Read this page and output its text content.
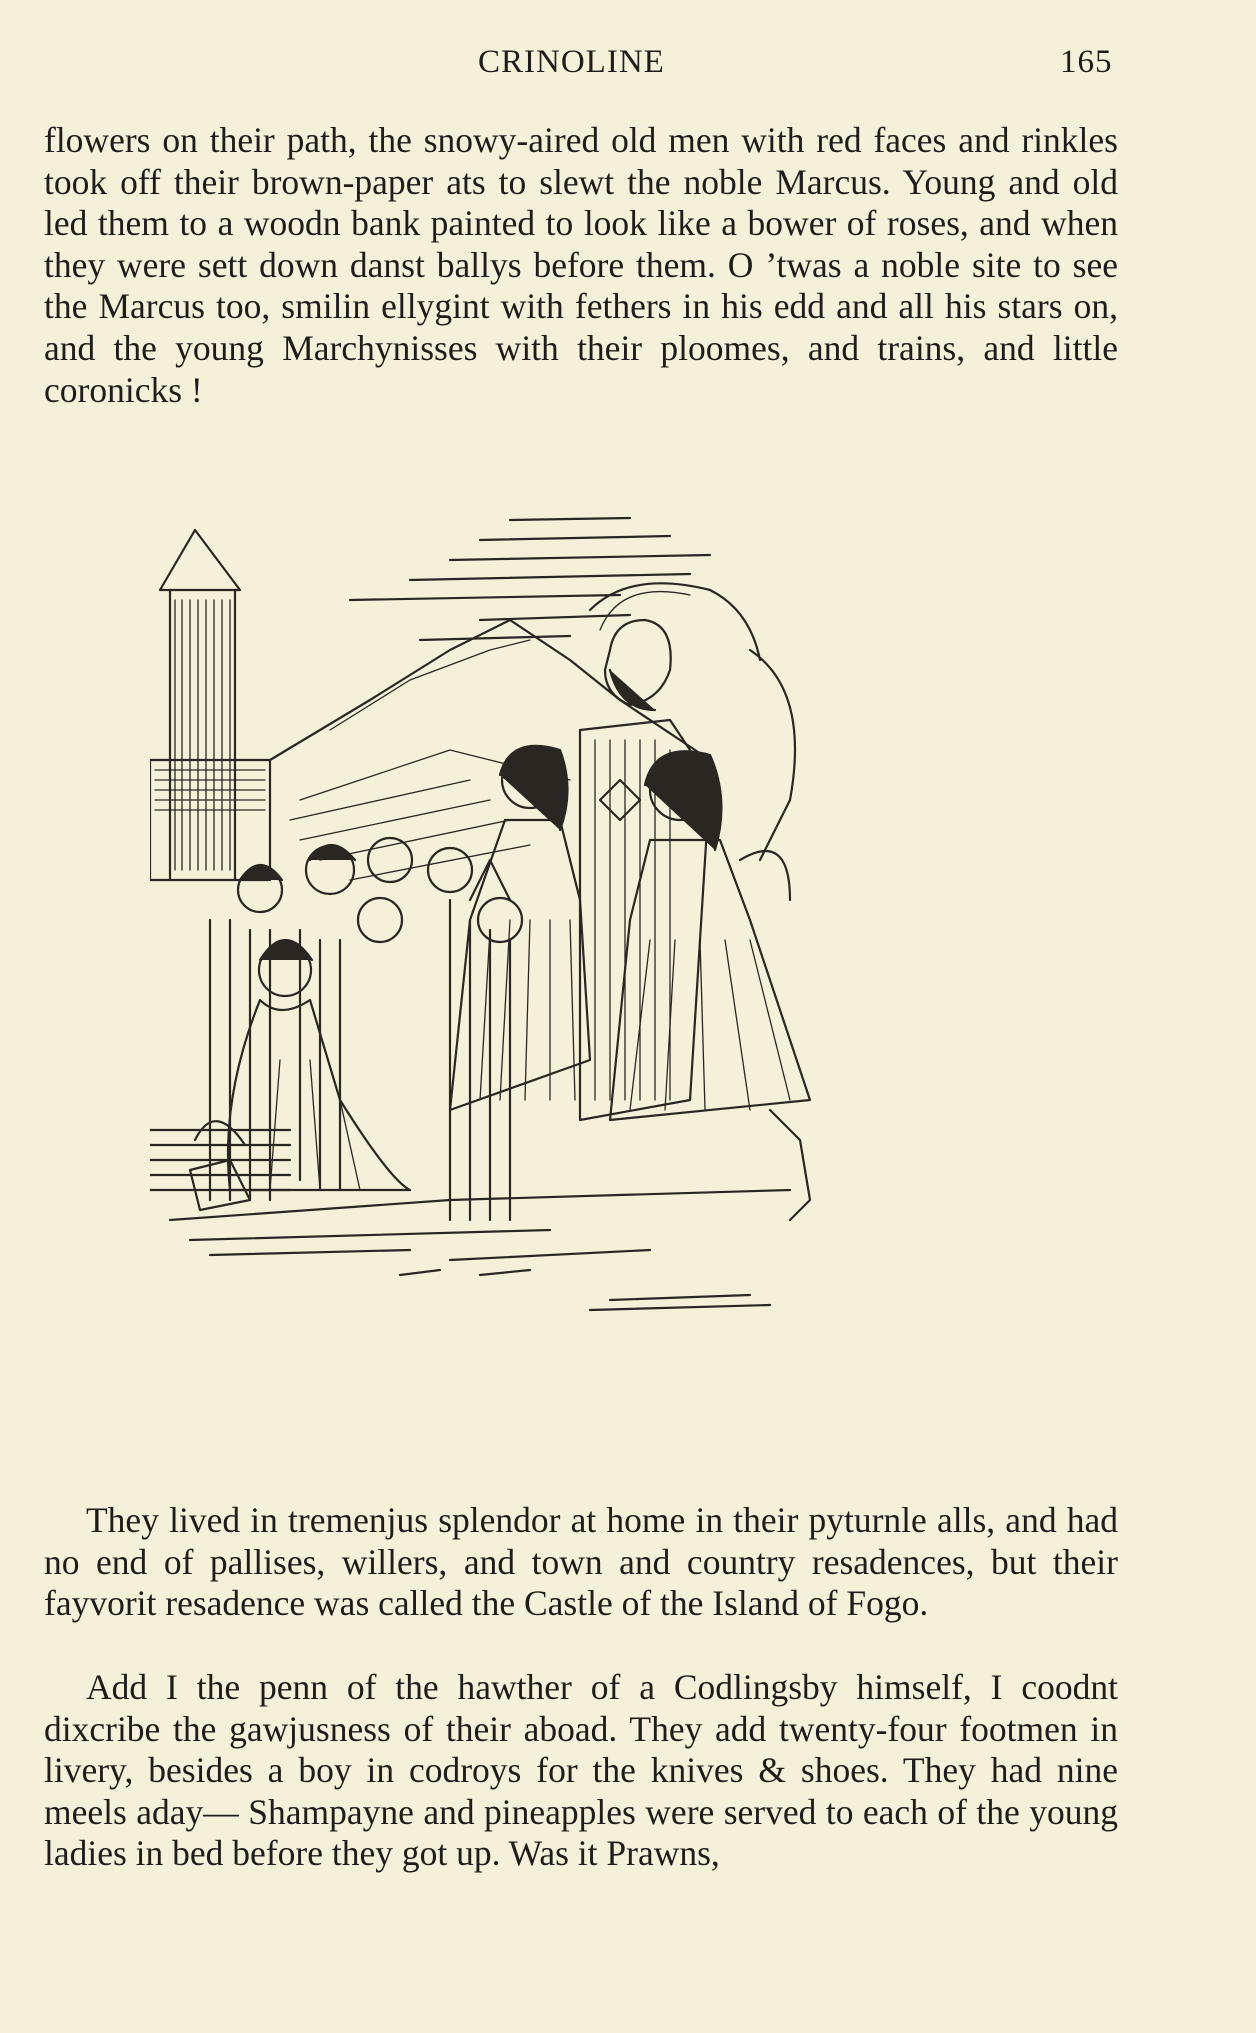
CRINOLINE	165

flowers on their path, the snowy-aired old men with red faces and rinkles took off their brown-paper ats to slewt the noble Marcus. Young and old led them to a woodn bank painted to look like a bower of roses, and when they were sett down danst ballys before them. O ’twas a noble site to see the Marcus too, smilin ellygint with fethers in his edd and all his stars on, and the young Marchynisses with their ploomes, and trains, and little coronicks !

They lived in tremenjus splendor at home in their pyturnle alls, and had no end of pallises, willers, and town and country resadences, but their fayvorit resadence was called the Castle of the Island of Fogo.

Add I the penn of the hawther of a Codlingsby himself, I coodnt dixcribe the gawjusness of their aboad. They add twenty-four footmen in livery, besides a boy in codroys for the knives & shoes. They had nine meels aday— Shampayne and pineapples were served to each of the young ladies in bed before they got up. Was it Prawns,
